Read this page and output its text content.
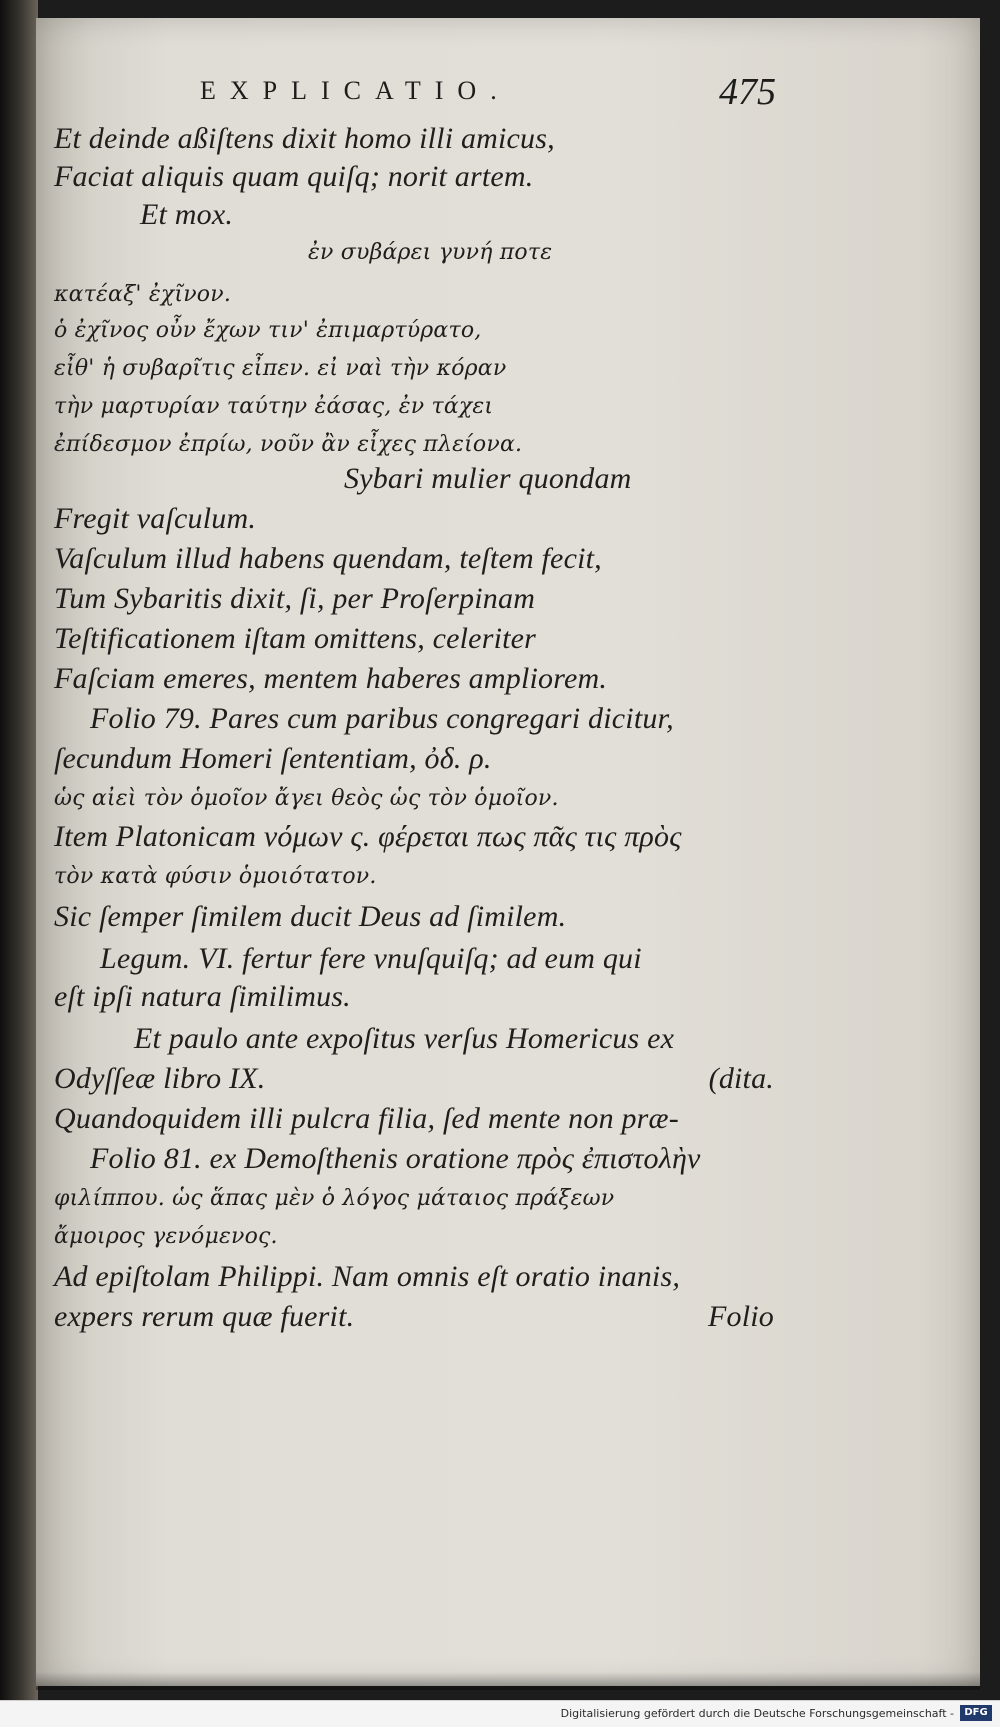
EXPLICATIO.	475
Et deinde aßiſtens dixit homo illi amicus,
Faciat aliquis quam quiſq; norit artem.
Et mox.
ἐν συβάρει γυνή ποτε
κατέαξ' ἐχῖνον.
ὁ ἐχῖνος οὖν ἔχων τιν' ἐπιμαρτύρατο,
εἶθ' ἡ συβαρῖτις εἶπεν. εἰ ναὶ τὴν κόραν
τὴν μαρτυρίαν ταύτην ἐάσας, ἐν τάχει
ἐπίδεσμον ἐπρίω, νοῦν ἂν εἶχες πλείονα.
Sybari mulier quondam
Fregit vaſculum.
Vaſculum illud habens quendam, teſtem fecit,
Tum Sybaritis dixit, ſi, per Proſerpinam
Teſtificationem iſtam omittens, celeriter
Faſciam emeres, mentem haberes ampliorem.
Folio 79. Pares cum paribus congregari dicitur,
ſecundum Homeri ſententiam, ὀδ. ρ.
ὡς αἰεὶ τὸν ὁμοῖον ἄγει θεὸς ὡς τὸν ὁμοῖον.
Item Platonicam νόμων ς. φέρεται πως πᾶς τις πρὸς
τὸν κατὰ φύσιν ὁμοιότατον.
Sic ſemper ſimilem ducit Deus ad ſimilem.
Legum. VI. fertur fere vnuſquiſq; ad eum qui
eſt ipſi natura ſimilimus.
Et paulo ante expoſitus verſus Homericus ex
Odyſſeæ libro IX.	(dita.
Quandoquidem illi pulcra filia, ſed mente non præ-
Folio 81. ex Demoſthenis oratione πρὸς ἐπιστολὴν
φιλίππου. ὡς ἅπας μὲν ὁ λόγος μάταιος πράξεων
ἄμοιρος γενόμενος.
Ad epiſtolam Philippi. Nam omnis eſt oratio inanis,
expers rerum quæ fuerit.	Folio
Digitalisierung gefördert durch die Deutsche Forschungsgemeinschaft -	DFG
